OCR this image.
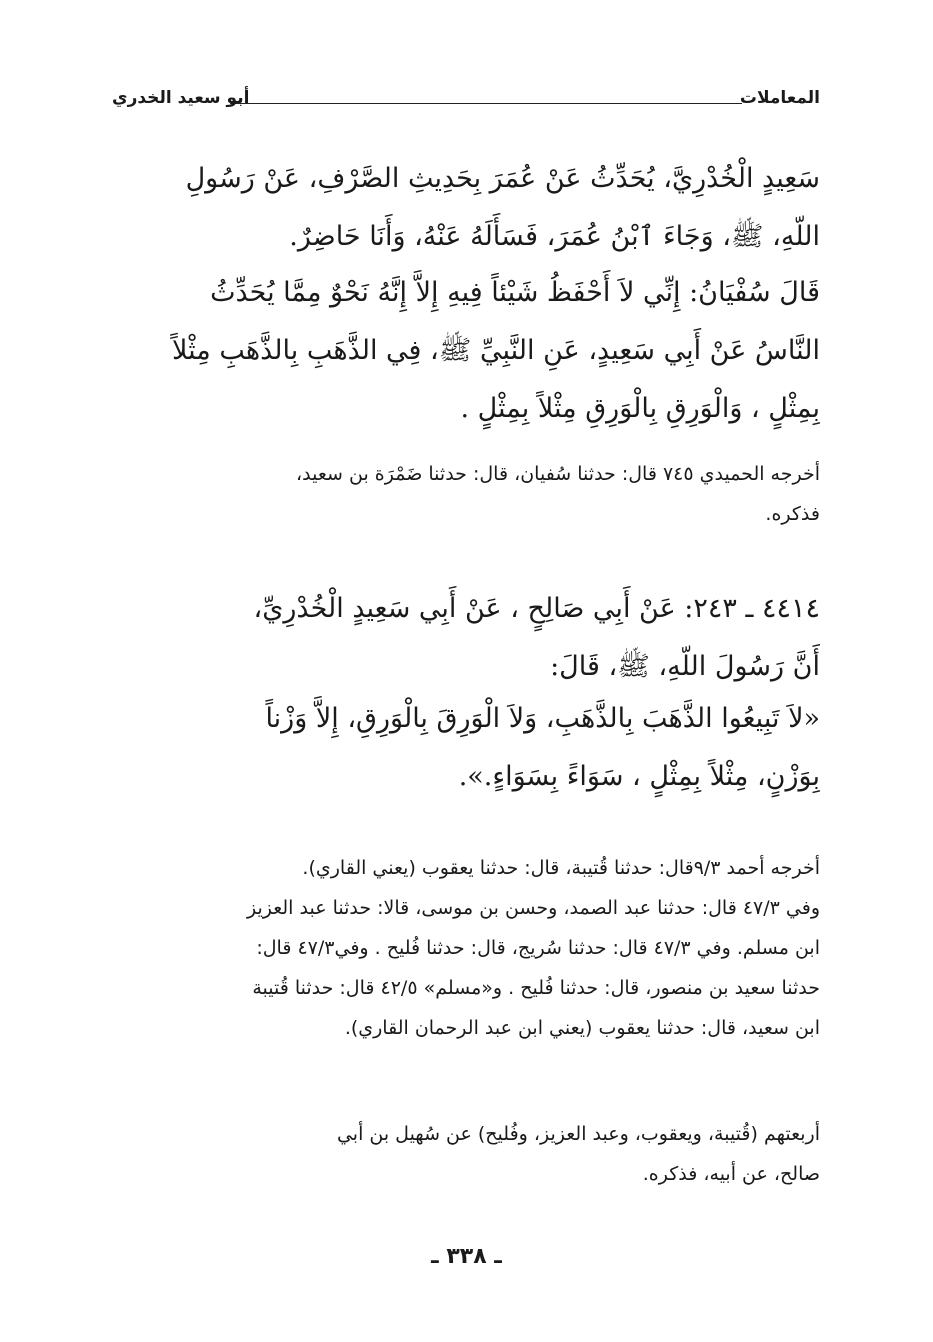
المعاملات
أبو سعيد الخدري
سَعِيدٍ الْخُدْرِيَّ، يُحَدِّثُ عَنْ عُمَرَ بِحَدِيثِ الصَّرْفِ، عَنْ رَسُولِ
اللّهِ، ﷺ، وَجَاءَ ٱبْنُ عُمَرَ، فَسَأَلَهُ عَنْهُ، وَأَنَا حَاضِرٌ.
قَالَ سُفْيَانُ: إِنِّي لاَ أَحْفَظُ شَيْئاً فِيهِ إِلاَّ إِنَّهُ نَحْوٌ مِمَّا يُحَدِّثُ
النَّاسُ عَنْ أَبِي سَعِيدٍ، عَنِ النَّبِيِّ ﷺ، فِي الذَّهَبِ بِالذَّهَبِ مِثْلاً
بِمِثْلٍ ، وَالْوَرِقِ بِالْوَرِقِ مِثْلاً بِمِثْلٍ .
أخرجه الحميدي ٧٤٥ قال: حدثنا سُفيان، قال: حدثنا ضَمْرَة بن سعيد،
فذكره.
٤٤١٤ ـ ٢٤٣: عَنْ أَبِي صَالِحٍ ، عَنْ أَبِي سَعِيدٍ الْخُدْرِيِّ،
أَنَّ رَسُولَ اللّهِ، ﷺ، قَالَ:
«لاَ تَبِيعُوا الذَّهَبَ بِالذَّهَبِ، وَلاَ الْوَرِقَ بِالْوَرِقِ، إِلاَّ وَزْناً
بِوَزْنٍ، مِثْلاً بِمِثْلٍ ، سَوَاءً بِسَوَاءٍ.».
أخرجه أحمد ٩/٣قال: حدثنا قُتيبة، قال: حدثنا يعقوب (يعني القاري).
وفي ٤٧/٣ قال: حدثنا عبد الصمد، وحسن بن موسى، قالا: حدثنا عبد العزيز
ابن مسلم. وفي ٤٧/٣ قال: حدثنا سُريج، قال: حدثنا فُليح . وفي٤٧/٣ قال:
حدثنا سعيد بن منصور، قال: حدثنا فُليح . و«مسلم» ٤٢/٥ قال: حدثنا قُتيبة
ابن سعيد، قال: حدثنا يعقوب (يعني ابن عبد الرحمان القاري).
أربعتهم (قُتيبة، ويعقوب، وعبد العزيز، وفُليح) عن سُهيل بن أبي
صالح، عن أبيه، فذكره.
ـ ٣٣٨ ـ
